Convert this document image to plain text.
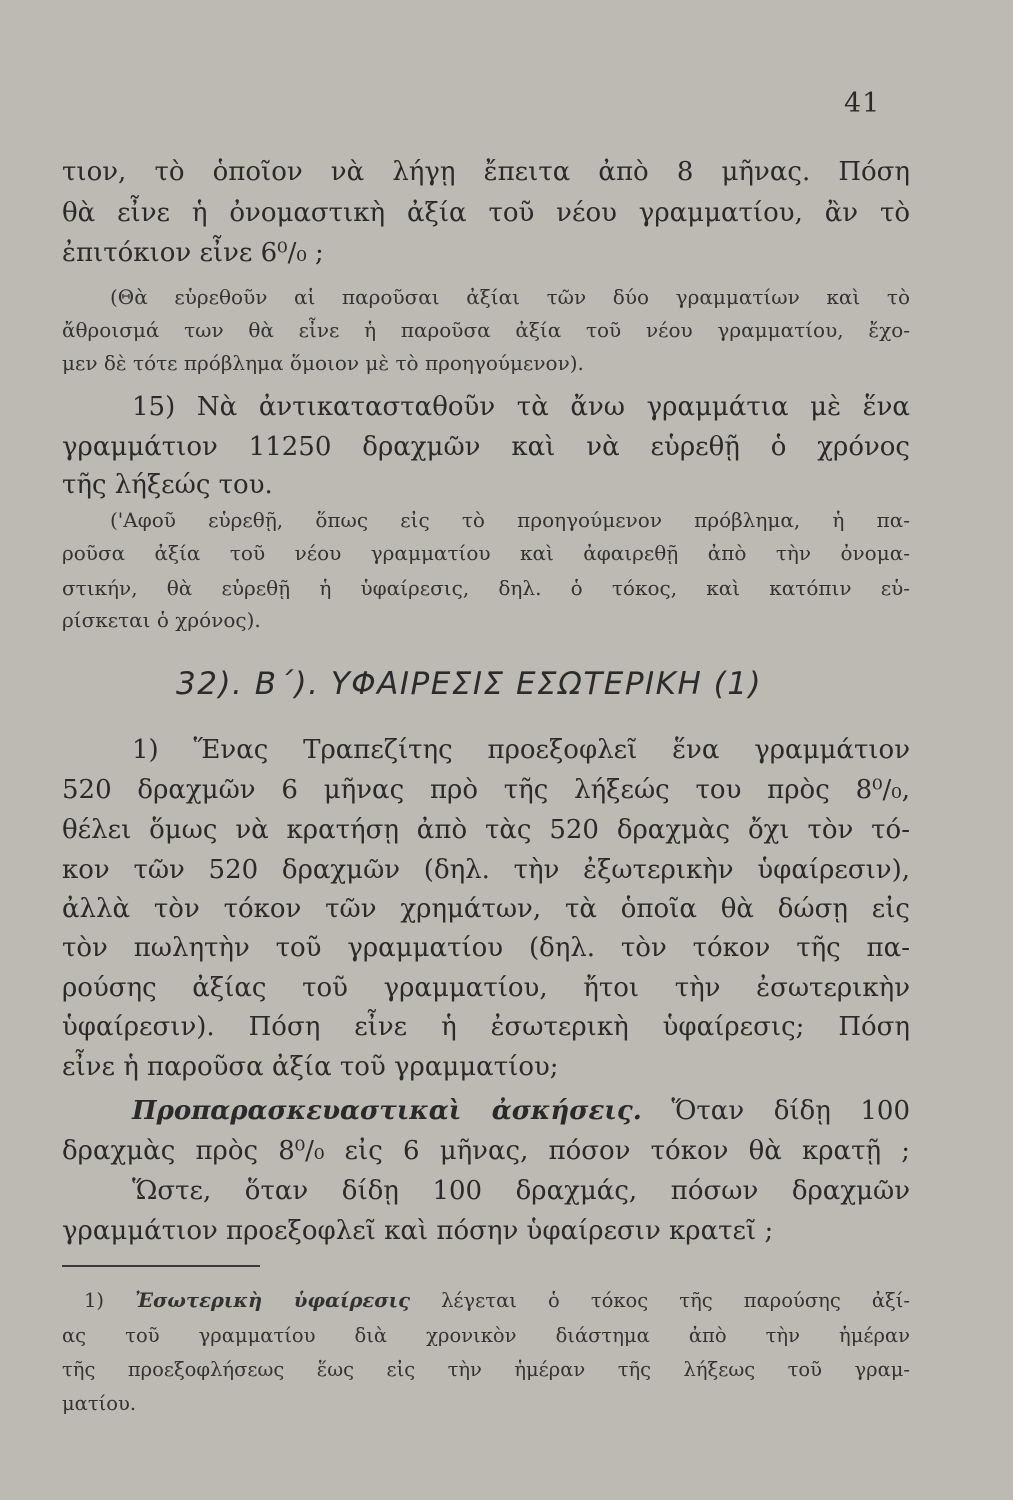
41
τιον, τὸ ὁποῖον νὰ λήγῃ ἔπειτα ἀπὸ 8 μῆνας. Πόση
θὰ εἶνε ἡ ὀνομαστικὴ ἀξία τοῦ νέου γραμματίου, ἂν τὸ
ἐπιτόκιον εἶνε 6⁰/₀ ;
(Θὰ εὑρεθοῦν αἱ παροῦσαι ἀξίαι τῶν δύο γραμματίων καὶ τὸ
ἄθροισμά των θὰ εἶνε ἡ παροῦσα ἀξία τοῦ νέου γραμματίου, ἔχο-
μεν δὲ τότε πρόβλημα ὅμοιον μὲ τὸ προηγούμενον).
15) Νὰ ἀντικατασταθοῦν τὰ ἄνω γραμμάτια μὲ ἕνα
γραμμάτιον 11250 δραχμῶν καὶ νὰ εὑρεθῇ ὁ χρόνος
τῆς λήξεώς του.
('Αφοῦ εὑρεθῇ, ὅπως εἰς τὸ προηγούμενον πρόβλημα, ἡ πα-
ροῦσα ἀξία τοῦ νέου γραμματίου καὶ ἀφαιρεθῇ ἀπὸ τὴν ὀνομα-
στικήν, θὰ εὑρεθῇ ἡ ὑφαίρεσις, δηλ. ὁ τόκος, καὶ κατόπιν εὑ-
ρίσκεται ὁ χρόνος).
32). Β΄). ΥΦΑΙΡΕΣΙΣ ΕΣΩΤΕΡΙΚΗ (1)
1) Ἕνας Τραπεζίτης προεξοφλεῖ ἕνα γραμμάτιον
520 δραχμῶν 6 μῆνας πρὸ τῆς λήξεώς του πρὸς 8⁰/₀,
θέλει ὅμως νὰ κρατήσῃ ἀπὸ τὰς 520 δραχμὰς ὄχι τὸν τό-
κον τῶν 520 δραχμῶν (δηλ. τὴν ἐξωτερικὴν ὑφαίρεσιν),
ἀλλὰ τὸν τόκον τῶν χρημάτων, τὰ ὁποῖα θὰ δώσῃ εἰς
τὸν πωλητὴν τοῦ γραμματίου (δηλ. τὸν τόκον τῆς πα-
ρούσης ἀξίας τοῦ γραμματίου, ἤτοι τὴν ἐσωτερικὴν
ὑφαίρεσιν). Πόση εἶνε ἡ ἐσωτερικὴ ὑφαίρεσις; Πόση
εἶνε ἡ παροῦσα ἀξία τοῦ γραμματίου;
Προπαρασκευαστικαὶ ἀσκήσεις. Ὅταν δίδῃ 100
δραχμὰς πρὸς 8⁰/₀ εἰς 6 μῆνας, πόσον τόκον θὰ κρατῇ ;
Ὥστε, ὅταν δίδῃ 100 δραχμάς, πόσων δραχμῶν
γραμμάτιον προεξοφλεῖ καὶ πόσην ὑφαίρεσιν κρατεῖ ;
1) Ἐσωτερικὴ ὑφαίρεσις λέγεται ὁ τόκος τῆς παρούσης ἀξί-
ας τοῦ γραμματίου διὰ χρονικὸν διάστημα ἀπὸ τὴν ἡμέραν
τῆς προεξοφλήσεως ἕως εἰς τὴν ἡμέραν τῆς λήξεως τοῦ γραμ-
ματίου.
